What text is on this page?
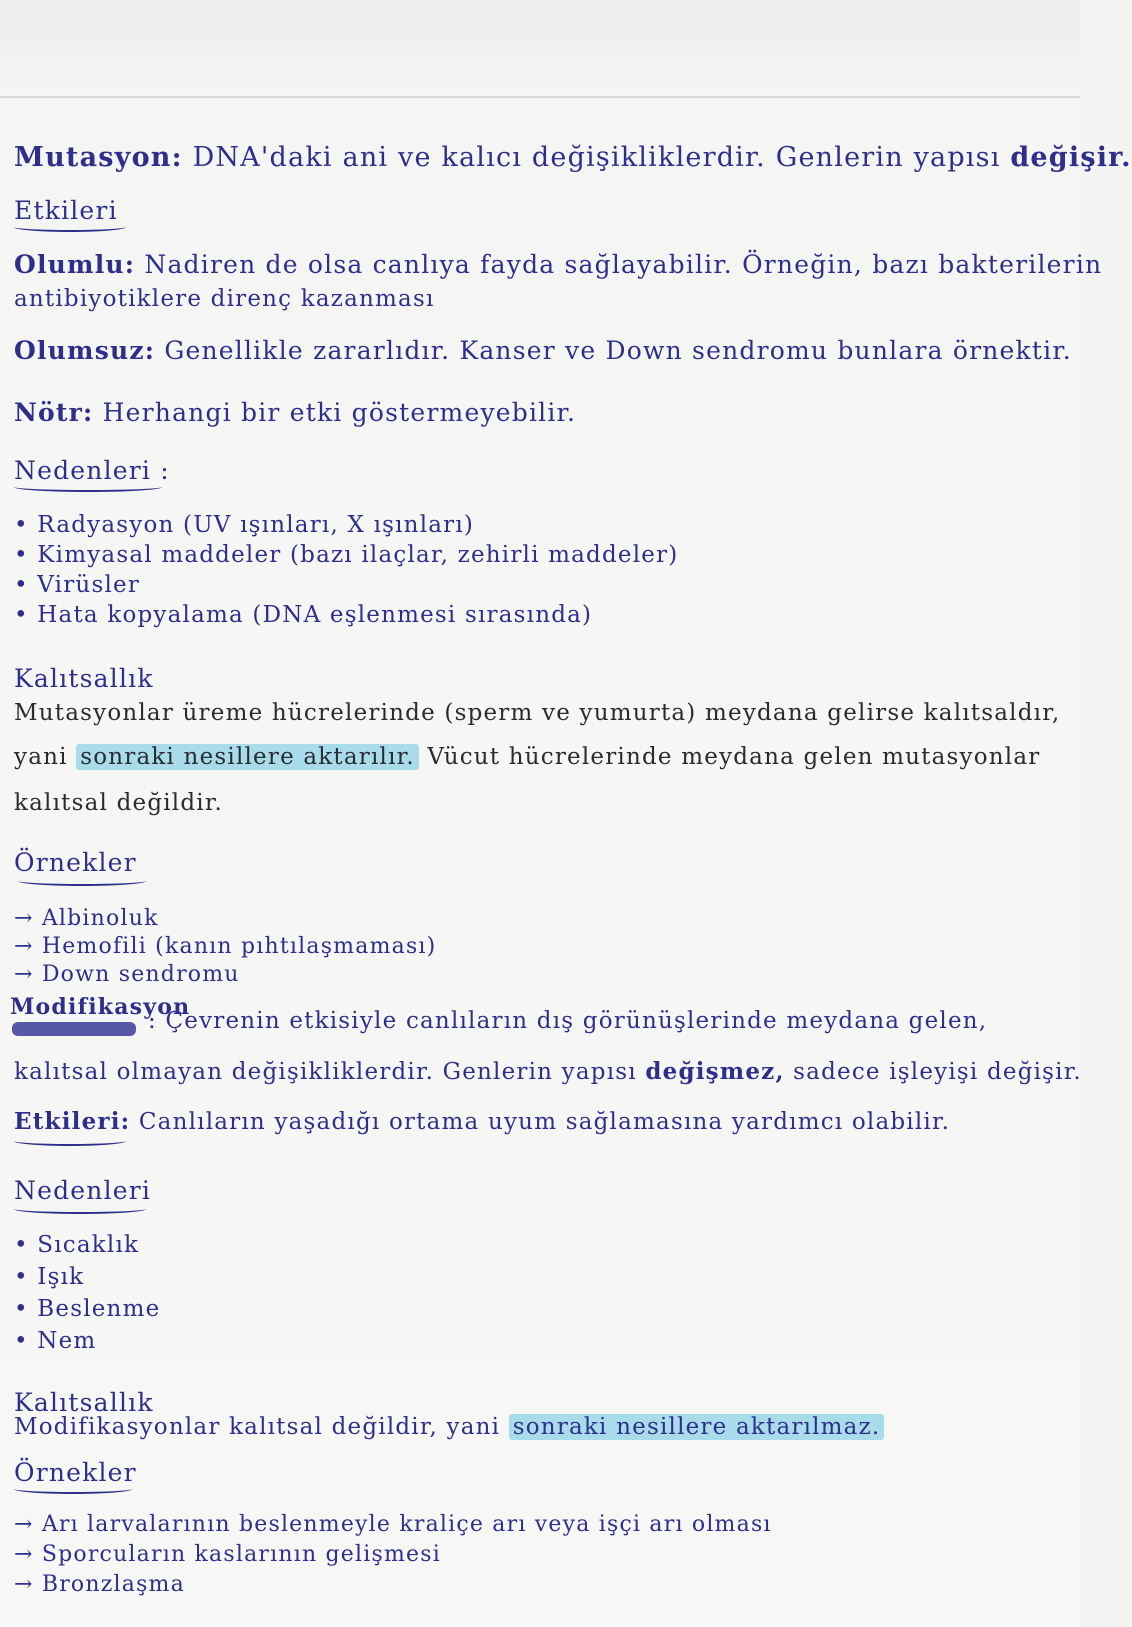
Mutasyon: DNA'daki ani ve kalıcı değişikliklerdir. Genlerin yapısı değişir.
Etkileri
Olumlu: Nadiren de olsa canlıya fayda sağlayabilir. Örneğin, bazı bakterilerin
antibiyotiklere direnç kazanması
Olumsuz: Genellikle zararlıdır. Kanser ve Down sendromu bunlara örnektir.
Nötr: Herhangi bir etki göstermeyebilir.
Nedenleri :
• Radyasyon (UV ışınları, X ışınları)
• Kimyasal maddeler (bazı ilaçlar, zehirli maddeler)
• Virüsler
• Hata kopyalama (DNA eşlenmesi sırasında)
Kalıtsallık
Mutasyonlar üreme hücrelerinde (sperm ve yumurta) meydana gelirse kalıtsaldır,
yani sonraki nesillere aktarılır. Vücut hücrelerinde meydana gelen mutasyonlar
kalıtsal değildir.
Örnekler
→ Albinoluk
→ Hemofili (kanın pıhtılaşmaması)
→ Down sendromu
Modifikasyon
: Çevrenin etkisiyle canlıların dış görünüşlerinde meydana gelen,
kalıtsal olmayan değişikliklerdir. Genlerin yapısı değişmez, sadece işleyişi değişir.
Etkileri: Canlıların yaşadığı ortama uyum sağlamasına yardımcı olabilir.
Nedenleri
• Sıcaklık
• Işık
• Beslenme
• Nem
Kalıtsallık
Modifikasyonlar kalıtsal değildir, yani sonraki nesillere aktarılmaz.
Örnekler
→ Arı larvalarının beslenmeyle kraliçe arı veya işçi arı olması
→ Sporcuların kaslarının gelişmesi
→ Bronzlaşma
